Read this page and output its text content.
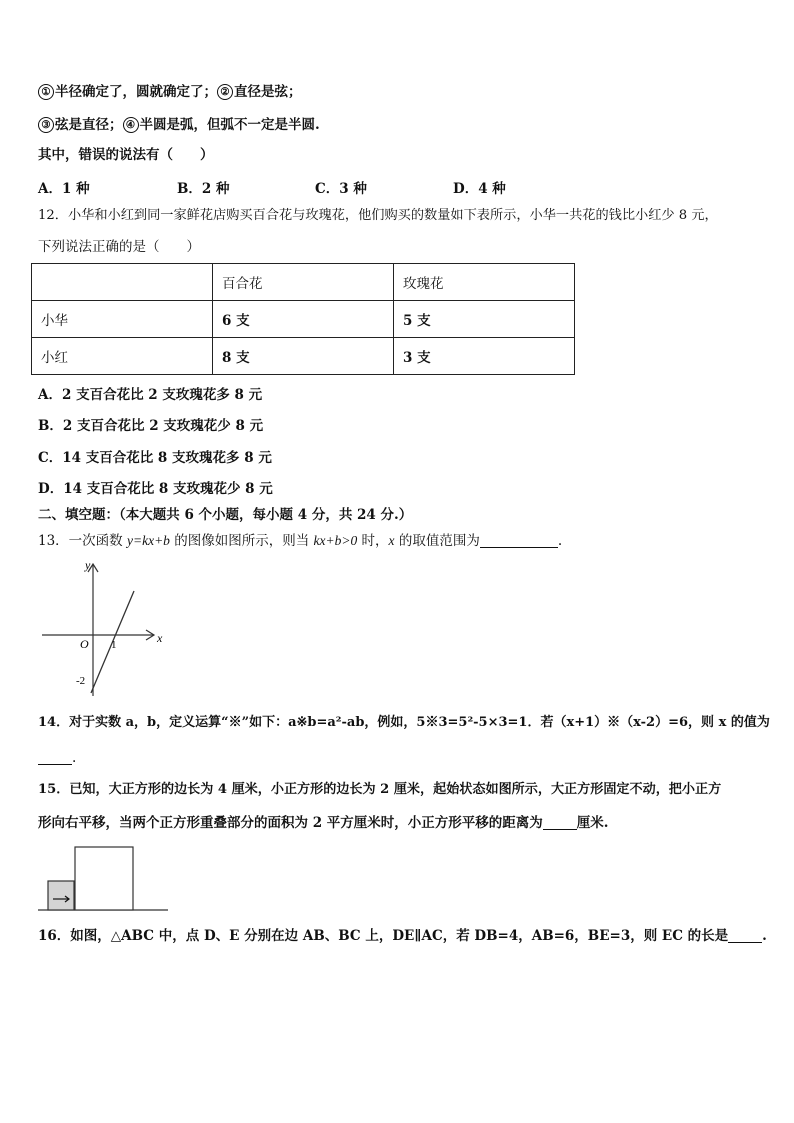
① 半径确定了，圆就确定了； ② 直径是弦；
③ 弦是直径； ④ 半圆是弧，但弧不一定是半圆.
其中，错误的说法有（　　）
A．1 种	B．2 种	C．3 种	D．4 种
12．小华和小红到同一家鲜花店购买百合花与玫瑰花，他们购买的数量如下表所示，小华一共花的钱比小红少 8 元，
下列说法正确的是（　　）
	百合花	玫瑰花
小华	6 支	5 支
小红	8 支	3 支
A．2 支百合花比 2 支玫瑰花多 8 元
B．2 支百合花比 2 支玫瑰花少 8 元
C．14 支百合花比 8 支玫瑰花多 8 元
D．14 支百合花比 8 支玫瑰花少 8 元
二、填空题：（本大题共 6 个小题，每小题 4 分，共 24 分.）
13．一次函数 y=kx+b 的图像如图所示，则当 kx+b>0 时，x 的取值范围为	.
x
y
O 1
-2
14．对于实数 a，b，定义运算“※”如下：a※b=a²-ab，例如，5※3=5²-5×3=1．若（x+1）※（x-2）=6，则 x 的值为
.
15．已知，大正方形的边长为 4 厘米，小正方形的边长为 2 厘米，起始状态如图所示，大正方形固定不动，把小正方
形向右平移，当两个正方形重叠部分的面积为 2 平方厘米时，小正方形平移的距离为	厘米.
16．如图，△ABC 中，点 D、E 分别在边 AB、BC 上，DE∥AC，若 DB=4，AB=6，BE=3，则 EC 的长是	.
